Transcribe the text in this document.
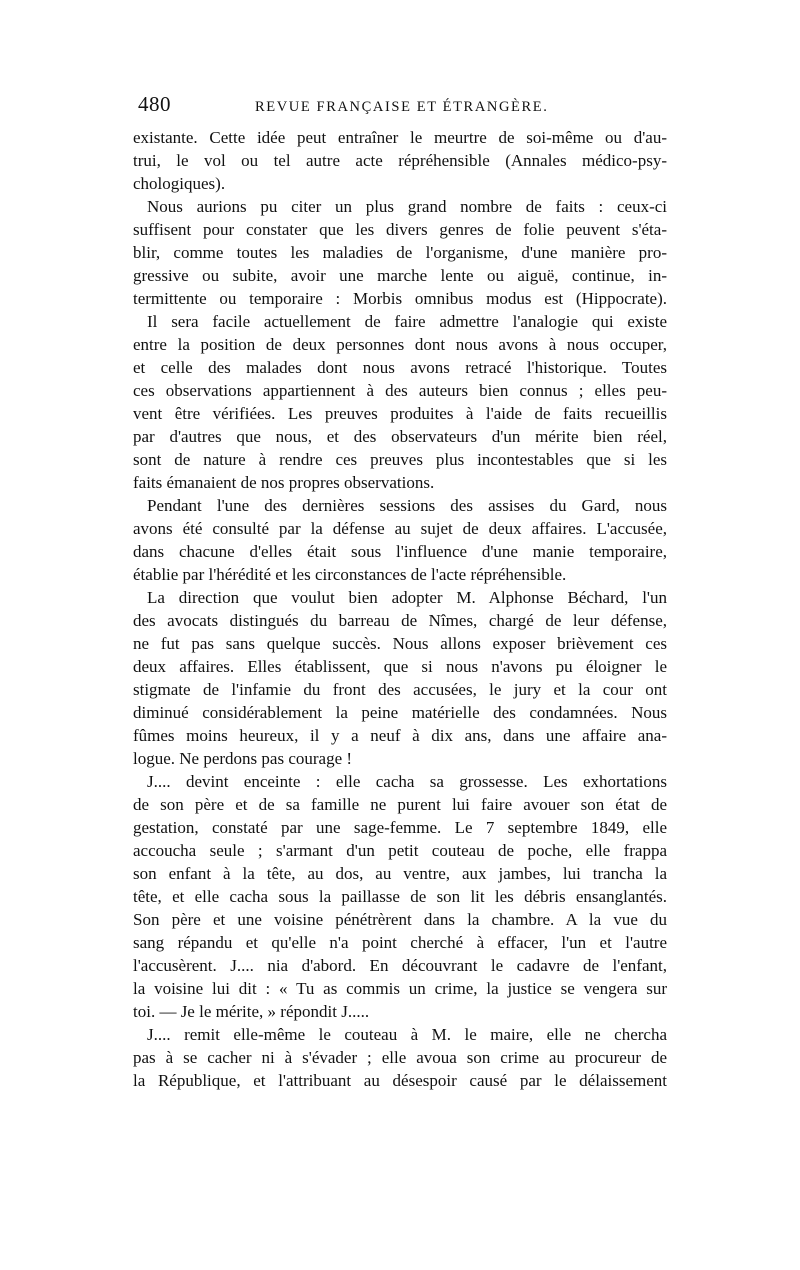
480	REVUE FRANÇAISE ET ÉTRANGÈRE.
existante. Cette idée peut entraîner le meurtre de soi-même ou d'au-
trui, le vol ou tel autre acte répréhensible (Annales médico-psy-
chologiques).
Nous aurions pu citer un plus grand nombre de faits : ceux-ci
suffisent pour constater que les divers genres de folie peuvent s'éta-
blir, comme toutes les maladies de l'organisme, d'une manière pro-
gressive ou subite, avoir une marche lente ou aiguë, continue, in-
termittente ou temporaire : Morbis omnibus modus est (Hippocrate).
Il sera facile actuellement de faire admettre l'analogie qui existe
entre la position de deux personnes dont nous avons à nous occuper,
et celle des malades dont nous avons retracé l'historique. Toutes
ces observations appartiennent à des auteurs bien connus ; elles peu-
vent être vérifiées. Les preuves produites à l'aide de faits recueillis
par d'autres que nous, et des observateurs d'un mérite bien réel,
sont de nature à rendre ces preuves plus incontestables que si les
faits émanaient de nos propres observations.
Pendant l'une des dernières sessions des assises du Gard, nous
avons été consulté par la défense au sujet de deux affaires. L'accusée,
dans chacune d'elles était sous l'influence d'une manie temporaire,
établie par l'hérédité et les circonstances de l'acte répréhensible.
La direction que voulut bien adopter M. Alphonse Béchard, l'un
des avocats distingués du barreau de Nîmes, chargé de leur défense,
ne fut pas sans quelque succès. Nous allons exposer brièvement ces
deux affaires. Elles établissent, que si nous n'avons pu éloigner le
stigmate de l'infamie du front des accusées, le jury et la cour ont
diminué considérablement la peine matérielle des condamnées. Nous
fûmes moins heureux, il y a neuf à dix ans, dans une affaire ana-
logue. Ne perdons pas courage !
J.... devint enceinte : elle cacha sa grossesse. Les exhortations
de son père et de sa famille ne purent lui faire avouer son état de
gestation, constaté par une sage-femme. Le 7 septembre 1849, elle
accoucha seule ; s'armant d'un petit couteau de poche, elle frappa
son enfant à la tête, au dos, au ventre, aux jambes, lui trancha la
tête, et elle cacha sous la paillasse de son lit les débris ensanglantés.
Son père et une voisine pénétrèrent dans la chambre. A la vue du
sang répandu et qu'elle n'a point cherché à effacer, l'un et l'autre
l'accusèrent. J.... nia d'abord. En découvrant le cadavre de l'enfant,
la voisine lui dit : « Tu as commis un crime, la justice se vengera sur
toi. — Je le mérite, » répondit J.....
J.... remit elle-même le couteau à M. le maire, elle ne chercha
pas à se cacher ni à s'évader ; elle avoua son crime au procureur de
la République, et l'attribuant au désespoir causé par le délaissement
